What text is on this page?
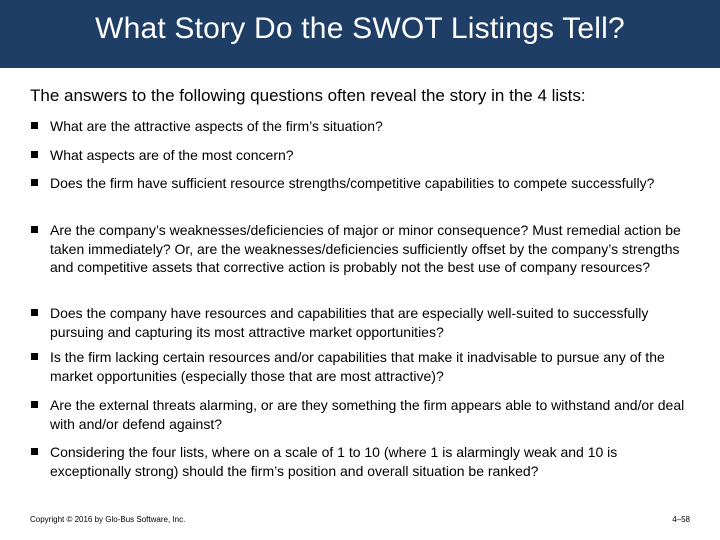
What Story Do the SWOT Listings Tell?
The answers to the following questions often reveal the story in the 4 lists:
What are the attractive aspects of the firm’s situation?
What aspects are of the most concern?
Does the firm have sufficient resource strengths/competitive capabilities to compete successfully?
Are the company’s weaknesses/deficiencies of major or minor consequence? Must remedial action be taken immediately? Or, are the weaknesses/deficiencies sufficiently offset by the company’s strengths and competitive assets that corrective action is probably not the best use of company resources?
Does the company have resources and capabilities that are especially well-suited to successfully pursuing and capturing its most attractive market opportunities?
Is the firm lacking certain resources and/or capabilities that make it inadvisable to pursue any of the market opportunities (especially those that are most attractive)?
Are the external threats alarming, or are they something the firm appears able to withstand and/or deal with and/or defend against?
Considering the four lists, where on a scale of 1 to 10 (where 1 is alarmingly weak and 10 is exceptionally strong) should the firm’s position and overall situation be ranked?
Copyright © 2016 by Glo-Bus Software, Inc.	4–58
